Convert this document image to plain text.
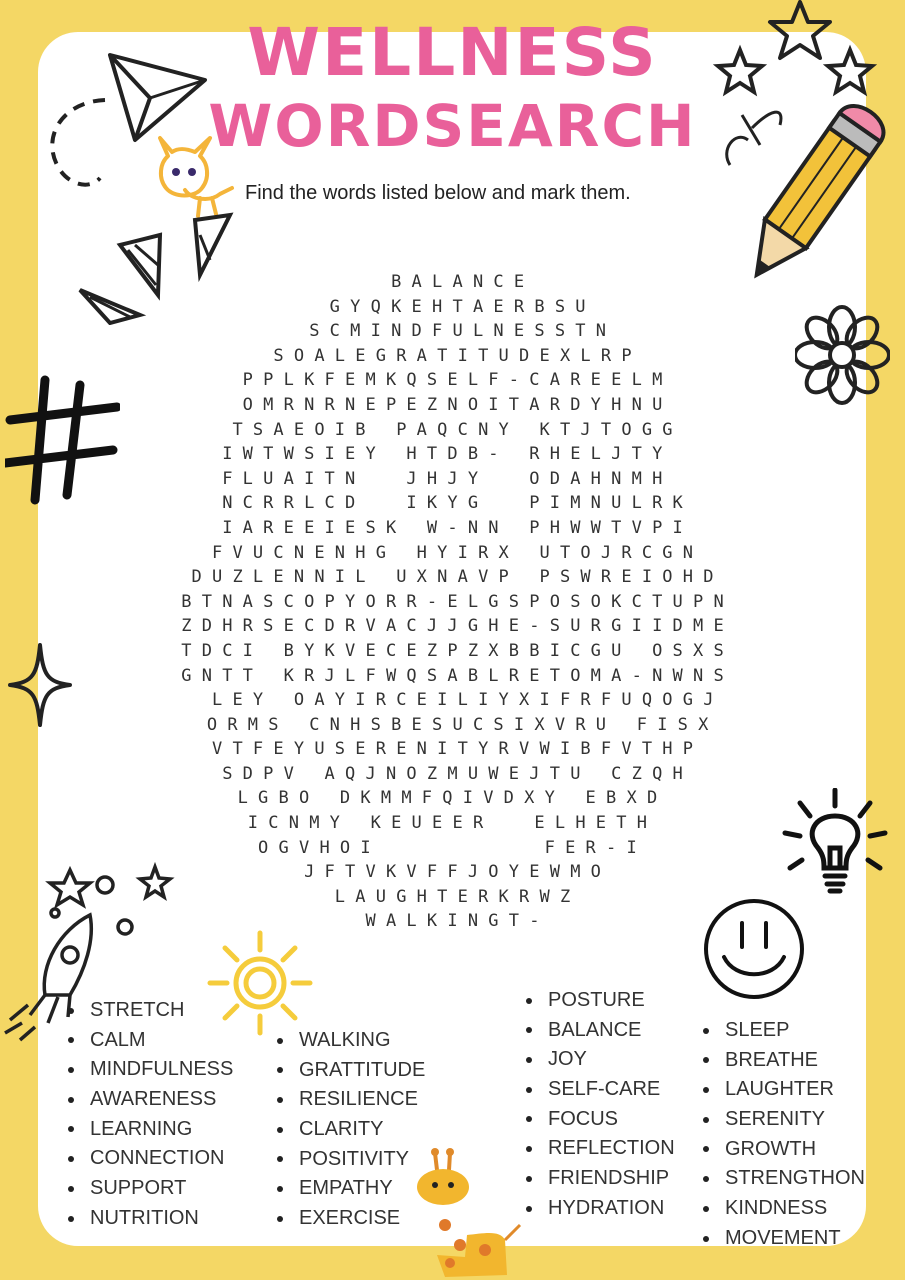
WELLNESS
WORDSEARCH

Find the words listed below and mark them.

B A L A N C E
G Y Q K E H T A E R B S U
S C M I N D F U L N E S S T N
S O A L E G R A T I T U D E X L R P
P P L K F E M K Q S E L F - C A R E E L M
O M R N R N E P E Z N O I T A R D Y H N U
T S A E O I B   P A Q C N Y   K T J T O G G
I W T W S I E Y   H T D B -   R H E L J T Y
F L U A I T N     J H J Y     O D A H N M H
N C R R L C D     I K Y G     P I M N U L R K
I A R E E I E S K   W - N N   P H W W T V P I
F V U C N E N H G   H Y I R X   U T O J R C G N
D U Z L E N N I L   U X N A V P   P S W R E I O H D
B T N A S C O P Y O R R - E L G S P O S O K C T U P N
Z D H R S E C D R V A C J J G H E - S U R G I I D M E
T D C I   B Y K V E C E Z P Z X B B I C G U   O S X S
G N T T   K R J L F W Q S A B L R E T O M A - N W N S
L E Y   O A Y I R C E I L I Y X I F R F U Q O G J
O R M S   C N H S B E S U C S I X V R U   F I S X
V T F E Y U S E R E N I T Y R V W I B F V T H P
S D P V   A Q J N O Z M U W E J T U   C Z Q H
L G B O   D K M M F Q I V D X Y   E B X D
I C N M Y   K E U E E R     E L H E T H
O G V H O I                 F E R - I
J F T V K V F F J O Y E W M O
L A U G H T E R K R W Z
W A L K I N G T -
STRETCH
CALM
MINDFULNESS
AWARENESS
LEARNING
CONNECTION
SUPPORT
NUTRITION
WALKING
GRATTITUDE
RESILIENCE
CLARITY
POSITIVITY
EMPATHY
EXERCISE
POSTURE
BALANCE
JOY
SELF-CARE
FOCUS
REFLECTION
FRIENDSHIP
HYDRATION
SLEEP
BREATHE
LAUGHTER
SERENITY
GROWTH
STRENGTHON
KINDNESS
MOVEMENT
